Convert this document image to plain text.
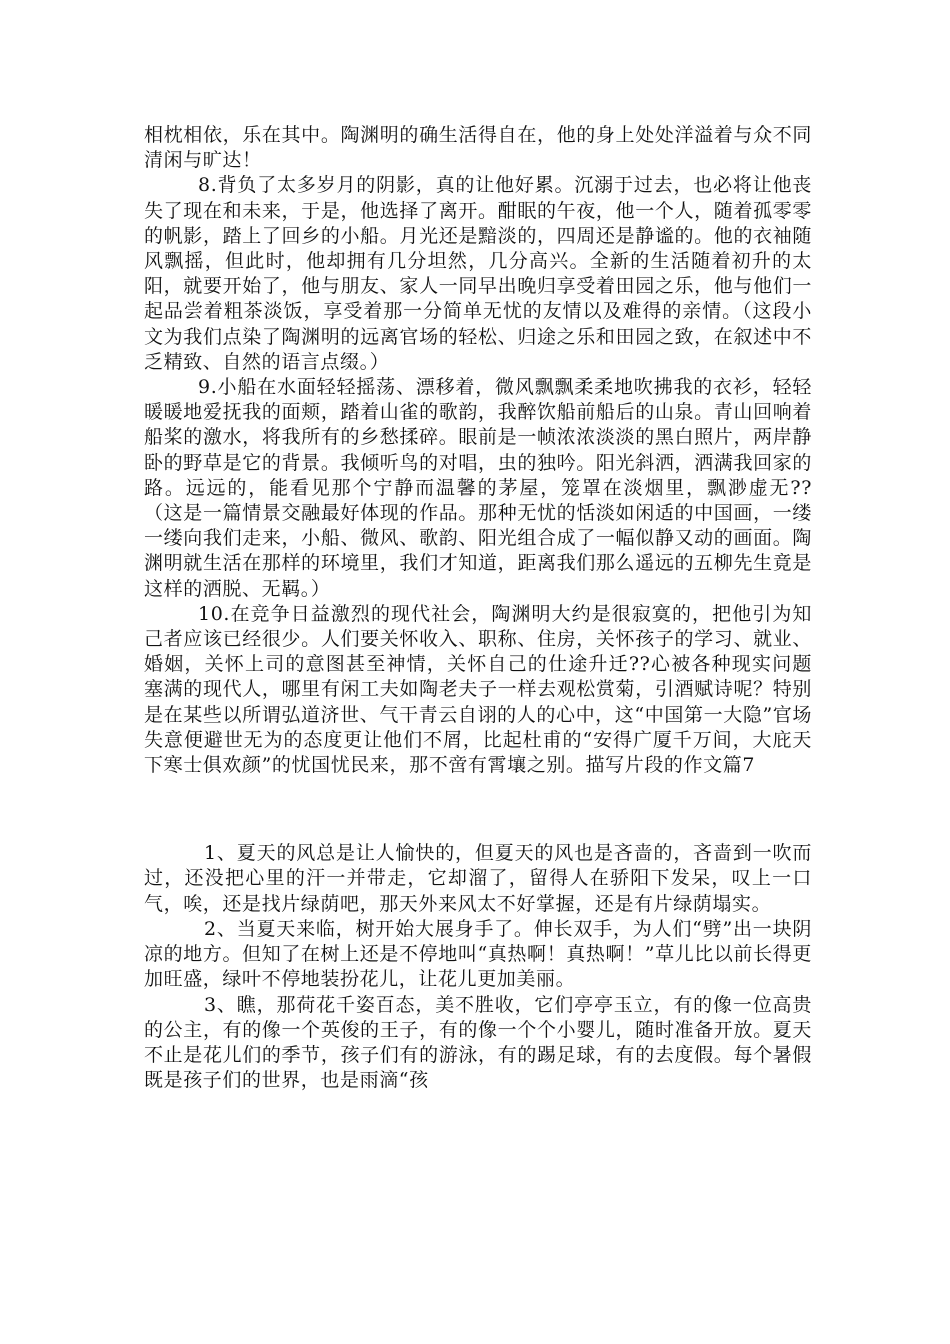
相枕相依，乐在其中。陶渊明的确生活得自在，他的身上处处洋溢着与众不同清闲与旷达！

8.背负了太多岁月的阴影，真的让他好累。沉溺于过去，也必将让他丧失了现在和未来，于是，他选择了离开。酣眠的午夜，他一个人，随着孤零零的帆影，踏上了回乡的小船。月光还是黯淡的，四周还是静谧的。他的衣袖随风飘摇，但此时，他却拥有几分坦然，几分高兴。全新的生活随着初升的太阳，就要开始了，他与朋友、家人一同早出晚归享受着田园之乐，他与他们一起品尝着粗茶淡饭，享受着那一分简单无忧的友情以及难得的亲情。（这段小文为我们点染了陶渊明的远离官场的轻松、归途之乐和田园之致，在叙述中不乏精致、自然的语言点缀。）

9.小船在水面轻轻摇荡、漂移着，微风飘飘柔柔地吹拂我的衣衫，轻轻暖暖地爱抚我的面颊，踏着山雀的歌韵，我醉饮船前船后的山泉。青山回响着船桨的激水，将我所有的乡愁揉碎。眼前是一帧浓浓淡淡的黑白照片，两岸静卧的野草是它的背景。我倾听鸟的对唱，虫的独吟。阳光斜洒，洒满我回家的路。远远的，能看见那个宁静而温馨的茅屋，笼罩在淡烟里，飘渺虚无??（这是一篇情景交融最好体现的作品。那种无忧的恬淡如闲适的中国画，一缕一缕向我们走来，小船、微风、歌韵、阳光组合成了一幅似静又动的画面。陶渊明就生活在那样的环境里，我们才知道，距离我们那么遥远的五柳先生竟是这样的洒脱、无羁。）

10.在竞争日益激烈的现代社会，陶渊明大约是很寂寞的，把他引为知己者应该已经很少。人们要关怀收入、职称、住房，关怀孩子的学习、就业、婚姻，关怀上司的意图甚至神情，关怀自己的仕途升迁??心被各种现实问题塞满的现代人，哪里有闲工夫如陶老夫子一样去观松赏菊，引酒赋诗呢？特别是在某些以所谓弘道济世、气干青云自诩的人的心中，这“中国第一大隐”官场失意便避世无为的态度更让他们不屑，比起杜甫的“安得广厦千万间，大庇天下寒士俱欢颜”的忧国忧民来，那不啻有霄壤之别。描写片段的作文篇7

1、夏天的风总是让人愉快的，但夏天的风也是吝啬的，吝啬到一吹而过，还没把心里的汗一并带走，它却溜了，留得人在骄阳下发呆，叹上一口气，唉，还是找片绿荫吧，那天外来风太不好掌握，还是有片绿荫塌实。

2、当夏天来临，树开始大展身手了。伸长双手，为人们“劈”出一块阴凉的地方。但知了在树上还是不停地叫“真热啊！真热啊！”草儿比以前长得更加旺盛，绿叶不停地装扮花儿，让花儿更加美丽。

3、瞧，那荷花千姿百态，美不胜收，它们亭亭玉立，有的像一位高贵的公主，有的像一个英俊的王子，有的像一个个小婴儿，随时准备开放。夏天不止是花儿们的季节，孩子们有的游泳，有的踢足球，有的去度假。每个暑假既是孩子们的世界，也是雨滴“孩
